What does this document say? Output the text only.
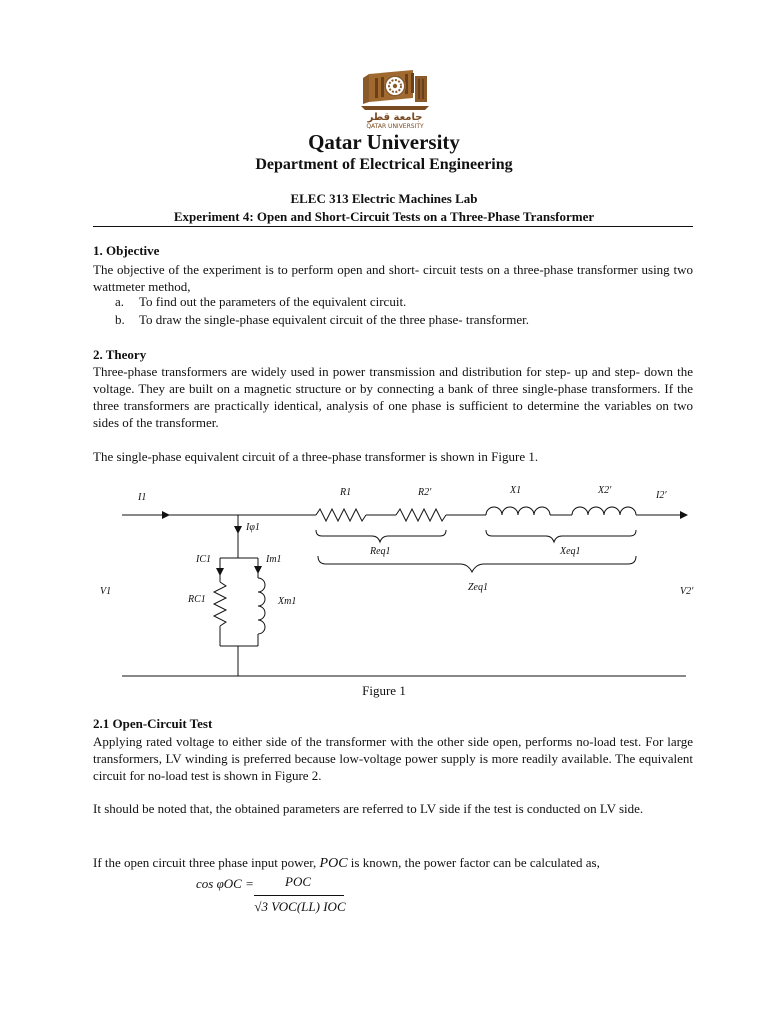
جامعة قطر
QATAR UNIVERSITY
Qatar University
Department of Electrical Engineering
ELEC 313 Electric Machines Lab
Experiment 4: Open and Short-Circuit Tests on a Three-Phase Transformer
1. Objective
The objective of the experiment is to perform open and short- circuit tests on a three-phase transformer using two wattmeter method,
a. To find out the parameters of the equivalent circuit.
b. To draw the single-phase equivalent circuit of the three phase- transformer.
2. Theory
Three-phase transformers are widely used in power transmission and distribution for step- up and step- down the voltage. They are built on a magnetic structure or by connecting a bank of three single-phase transformers. If the three transformers are practically identical, analysis of one phase is sufficient to determine the variables on two sides of the transformer.
The single-phase equivalent circuit of a three-phase transformer is shown in Figure 1.
I1	R1	R2′	X1	X2′	I2′
Iφ1
IC1	Im1
Req1	Xeq1
V1
RC1	Xm1
Zeq1	V2′
Figure 1
2.1 Open-Circuit Test
Applying rated voltage to either side of the transformer with the other side open, performs no-load test. For large transformers, LV winding is preferred because low-voltage power supply is more readily available. The equivalent circuit for no-load test is shown in Figure 2.
It should be noted that, the obtained parameters are referred to LV side if the test is conducted on LV side.
If the open circuit three phase input power, POC is known, the power factor can be calculated as,
cos φOC =	POC
√3 VOC(LL) IOC
